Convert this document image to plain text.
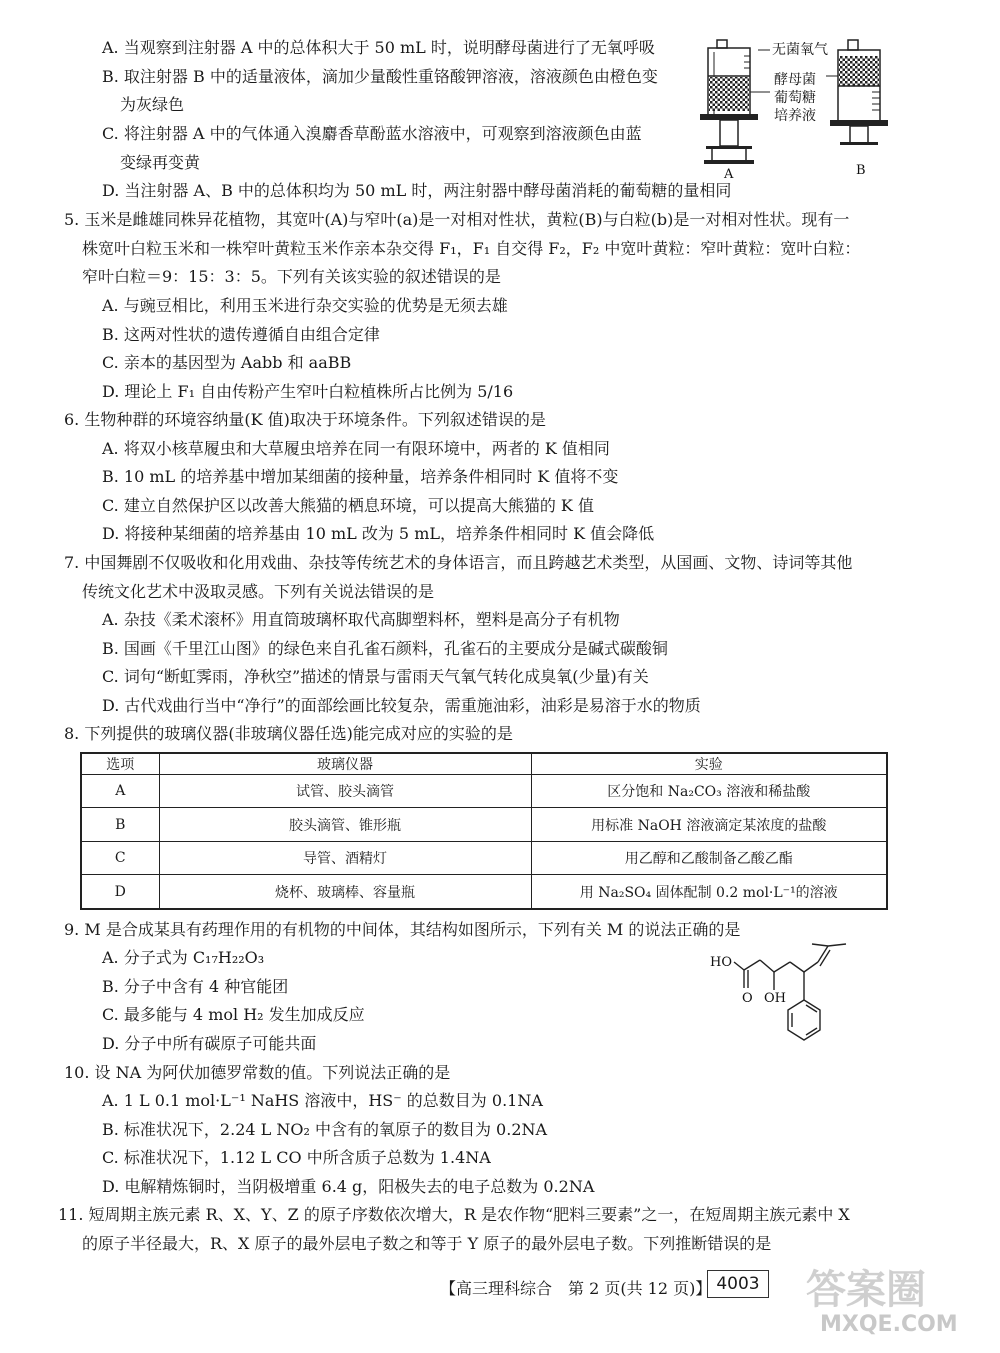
A. 当观察到注射器 A 中的总体积大于 50 mL 时，说明酵母菌进行了无氧呼吸
B. 取注射器 B 中的适量液体，滴加少量酸性重铬酸钾溶液，溶液颜色由橙色变
为灰绿色
C. 将注射器 A 中的气体通入溴麝香草酚蓝水溶液中，可观察到溶液颜色由蓝
变绿再变黄
D. 当注射器 A、B 中的总体积均为 50 mL 时，两注射器中酵母菌消耗的葡萄糖的量相同
无菌氧气
酵母菌
葡萄糖
培养液
A	B
5. 玉米是雌雄同株异花植物，其宽叶(A)与窄叶(a)是一对相对性状，黄粒(B)与白粒(b)是一对相对性状。现有一
株宽叶白粒玉米和一株窄叶黄粒玉米作亲本杂交得 F₁，F₁ 自交得 F₂，F₂ 中宽叶黄粒：窄叶黄粒：宽叶白粒：
窄叶白粒＝9：15：3：5。下列有关该实验的叙述错误的是
A. 与豌豆相比，利用玉米进行杂交实验的优势是无须去雄
B. 这两对性状的遗传遵循自由组合定律
C. 亲本的基因型为 Aabb 和 aaBB
D. 理论上 F₁ 自由传粉产生窄叶白粒植株所占比例为 5/16
6. 生物种群的环境容纳量(K 值)取决于环境条件。下列叙述错误的是
A. 将双小核草履虫和大草履虫培养在同一有限环境中，两者的 K 值相同
B. 10 mL 的培养基中增加某细菌的接种量，培养条件相同时 K 值将不变
C. 建立自然保护区以改善大熊猫的栖息环境，可以提高大熊猫的 K 值
D. 将接种某细菌的培养基由 10 mL 改为 5 mL，培养条件相同时 K 值会降低
7. 中国舞剧不仅吸收和化用戏曲、杂技等传统艺术的身体语言，而且跨越艺术类型，从国画、文物、诗词等其他
传统文化艺术中汲取灵感。下列有关说法错误的是
A. 杂技《柔术滚杯》用直筒玻璃杯取代高脚塑料杯，塑料是高分子有机物
B. 国画《千里江山图》的绿色来自孔雀石颜料，孔雀石的主要成分是碱式碳酸铜
C. 词句“断虹霁雨，净秋空”描述的情景与雷雨天气氧气转化成臭氧(少量)有关
D. 古代戏曲行当中“净行”的面部绘画比较复杂，需重施油彩，油彩是易溶于水的物质
8. 下列提供的玻璃仪器(非玻璃仪器任选)能完成对应的实验的是
选项	玻璃仪器	实验
A	试管、胶头滴管	区分饱和 Na₂CO₃ 溶液和稀盐酸
B	胶头滴管、锥形瓶	用标准 NaOH 溶液滴定某浓度的盐酸
C	导管、酒精灯	用乙醇和乙酸制备乙酸乙酯
D	烧杯、玻璃棒、容量瓶	用 Na₂SO₄ 固体配制 0.2 mol·L⁻¹的溶液
9. M 是合成某具有药理作用的有机物的中间体，其结构如图所示，下列有关 M 的说法正确的是
A. 分子式为 C₁₇H₂₂O₃
B. 分子中含有 4 种官能团
C. 最多能与 4 mol H₂ 发生加成反应
D. 分子中所有碳原子可能共面
HO
O OH
10. 设 NA 为阿伏加德罗常数的值。下列说法正确的是
A. 1 L 0.1 mol·L⁻¹ NaHS 溶液中，HS⁻ 的总数目为 0.1NA
B. 标准状况下，2.24 L NO₂ 中含有的氧原子的数目为 0.2NA
C. 标准状况下，1.12 L CO 中所含质子总数为 1.4NA
D. 电解精炼铜时，当阴极增重 6.4 g，阳极失去的电子总数为 0.2NA
11. 短周期主族元素 R、X、Y、Z 的原子序数依次增大，R 是农作物“肥料三要素”之一，在短周期主族元素中 X
的原子半径最大，R、X 原子的最外层电子数之和等于 Y 原子的最外层电子数。下列推断错误的是
【高三理科综合　第 2 页(共 12 页)】 4003 答案圈
MXQE.COM
